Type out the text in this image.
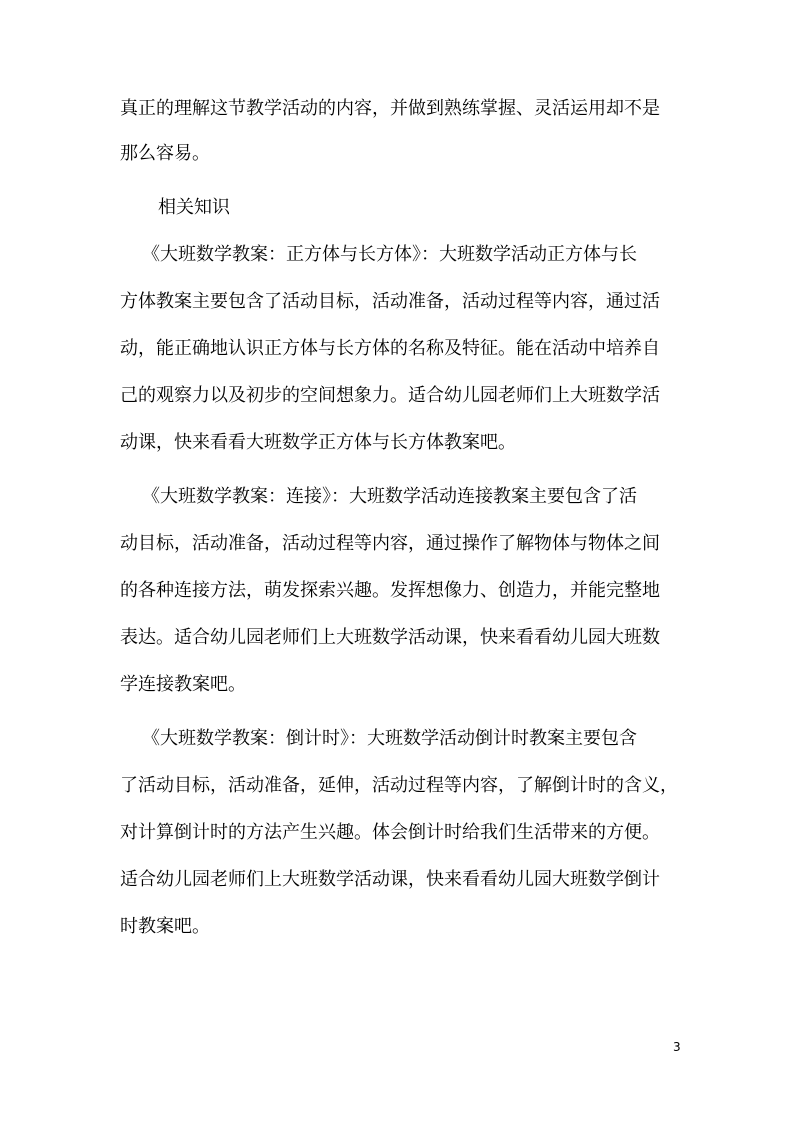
真正的理解这节教学活动的内容，并做到熟练掌握、灵活运用却不是
那么容易。
相关知识
《大班数学教案：正方体与长方体》：大班数学活动正方体与长
方体教案主要包含了活动目标，活动准备，活动过程等内容，通过活
动，能正确地认识正方体与长方体的名称及特征。能在活动中培养自
己的观察力以及初步的空间想象力。适合幼儿园老师们上大班数学活
动课，快来看看大班数学正方体与长方体教案吧。
《大班数学教案：连接》：大班数学活动连接教案主要包含了活
动目标，活动准备，活动过程等内容，通过操作了解物体与物体之间
的各种连接方法，萌发探索兴趣。发挥想像力、创造力，并能完整地
表达。适合幼儿园老师们上大班数学活动课，快来看看幼儿园大班数
学连接教案吧。
《大班数学教案：倒计时》：大班数学活动倒计时教案主要包含
了活动目标，活动准备，延伸，活动过程等内容，了解倒计时的含义，
对计算倒计时的方法产生兴趣。体会倒计时给我们生活带来的方便。
适合幼儿园老师们上大班数学活动课，快来看看幼儿园大班数学倒计
时教案吧。
3
